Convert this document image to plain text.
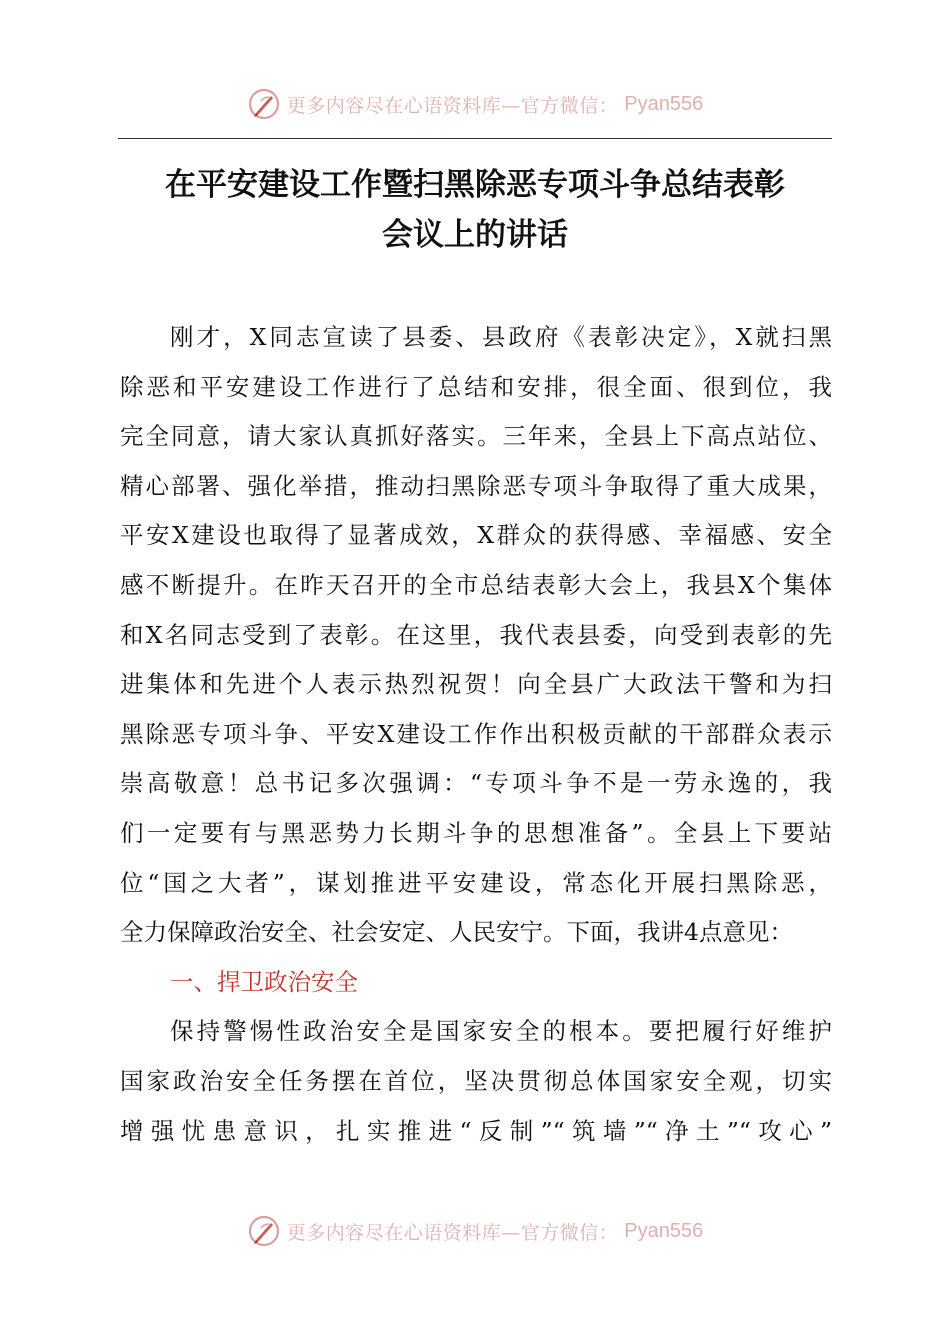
更多内容尽在心语资料库—官方微信： Pyan556
在平安建设工作暨扫黑除恶专项斗争总结表彰
会议上的讲话
刚才，X同志宣读了县委、县政府《表彰决定》，X就扫黑
除恶和平安建设工作进行了总结和安排，很全面、很到位，我
完全同意，请大家认真抓好落实。三年来，全县上下高点站位、
精心部署、强化举措，推动扫黑除恶专项斗争取得了重大成果，
平安X建设也取得了显著成效，X群众的获得感、幸福感、安全
感不断提升。在昨天召开的全市总结表彰大会上，我县X个集体
和X名同志受到了表彰。在这里，我代表县委，向受到表彰的先
进集体和先进个人表示热烈祝贺！向全县广大政法干警和为扫
黑除恶专项斗争、平安X建设工作作出积极贡献的干部群众表示
崇高敬意！总书记多次强调：“专项斗争不是一劳永逸的，我
们一定要有与黑恶势力长期斗争的思想准备”。全县上下要站
位“国之大者”，谋划推进平安建设，常态化开展扫黑除恶，
全力保障政治安全、社会安定、人民安宁。下面，我讲4点意见：
一、捍卫政治安全
保持警惕性政治安全是国家安全的根本。要把履行好维护
国家政治安全任务摆在首位，坚决贯彻总体国家安全观，切实
增强忧患意识，扎实推进“反制”“筑墙”“净土”“攻心”
更多内容尽在心语资料库—官方微信： Pyan556
